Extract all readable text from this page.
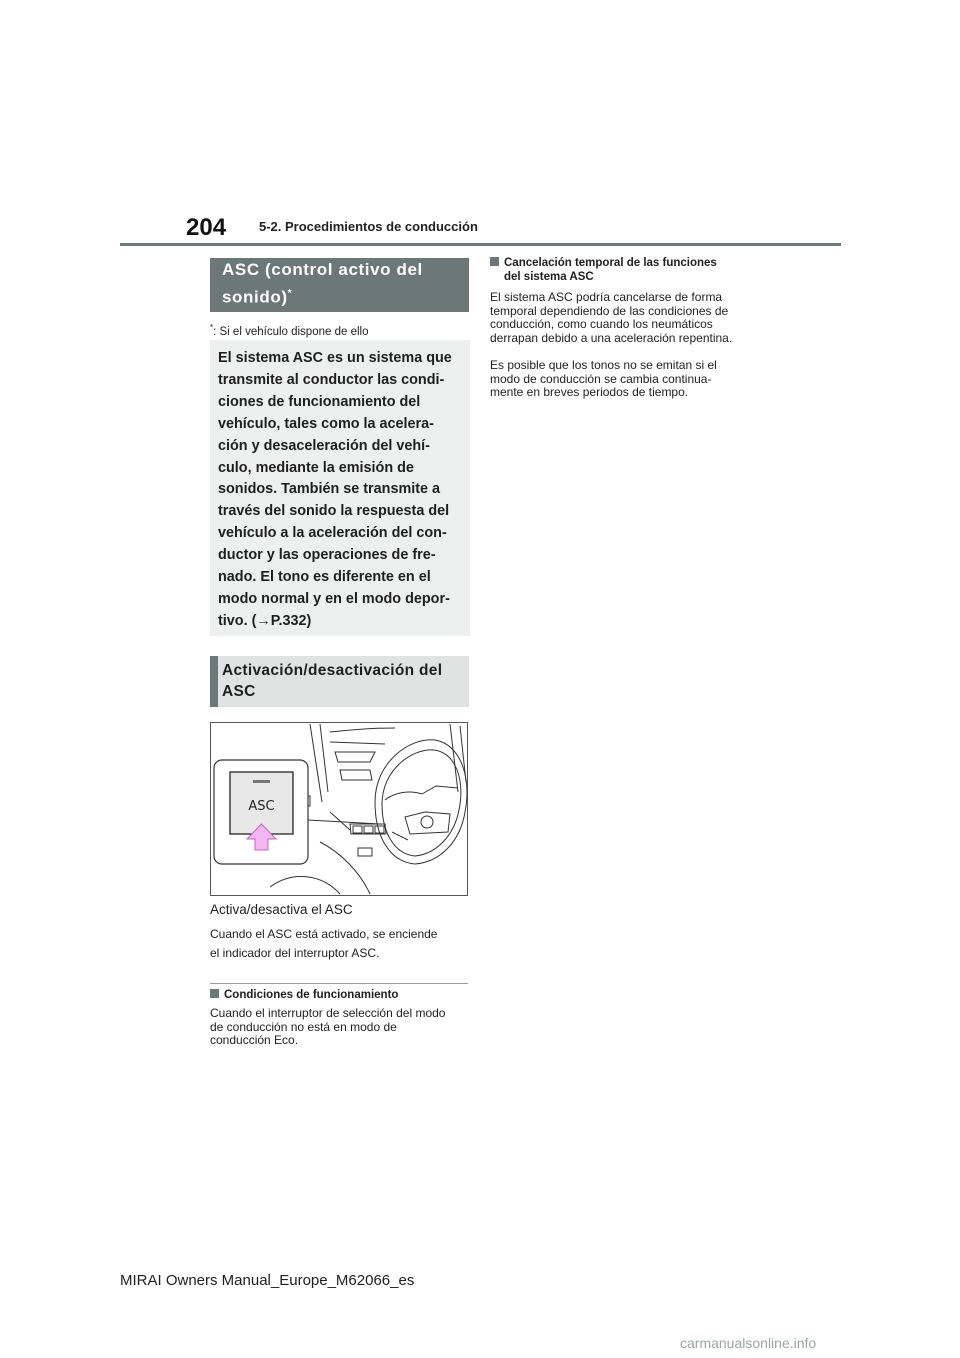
204	5-2. Procedimientos de conducción
ASC (control activo del
sonido)*
*: Si el vehículo dispone de ello
El sistema ASC es un sistema que
transmite al conductor las condi-
ciones de funcionamiento del
vehículo, tales como la acelera-
ción y desaceleración del vehí-
culo, mediante la emisión de
sonidos. También se transmite a
través del sonido la respuesta del
vehículo a la aceleración del con-
ductor y las operaciones de fre-
nado. El tono es diferente en el
modo normal y en el modo depor-
tivo. (→P.332)
Activación/desactivación del
ASC
ASC
Activa/desactiva el ASC
Cuando el ASC está activado, se enciende
el indicador del interruptor ASC.
Condiciones de funcionamiento
Cuando el interruptor de selección del modo
de conducción no está en modo de
conducción Eco.
Cancelación temporal de las funciones
del sistema ASC
El sistema ASC podría cancelarse de forma
temporal dependiendo de las condiciones de
conducción, como cuando los neumáticos
derrapan debido a una aceleración repentina.
Es posible que los tonos no se emitan si el
modo de conducción se cambia continua-
mente en breves periodos de tiempo.
MIRAI Owners Manual_Europe_M62066_es
carmanualsonline.info
